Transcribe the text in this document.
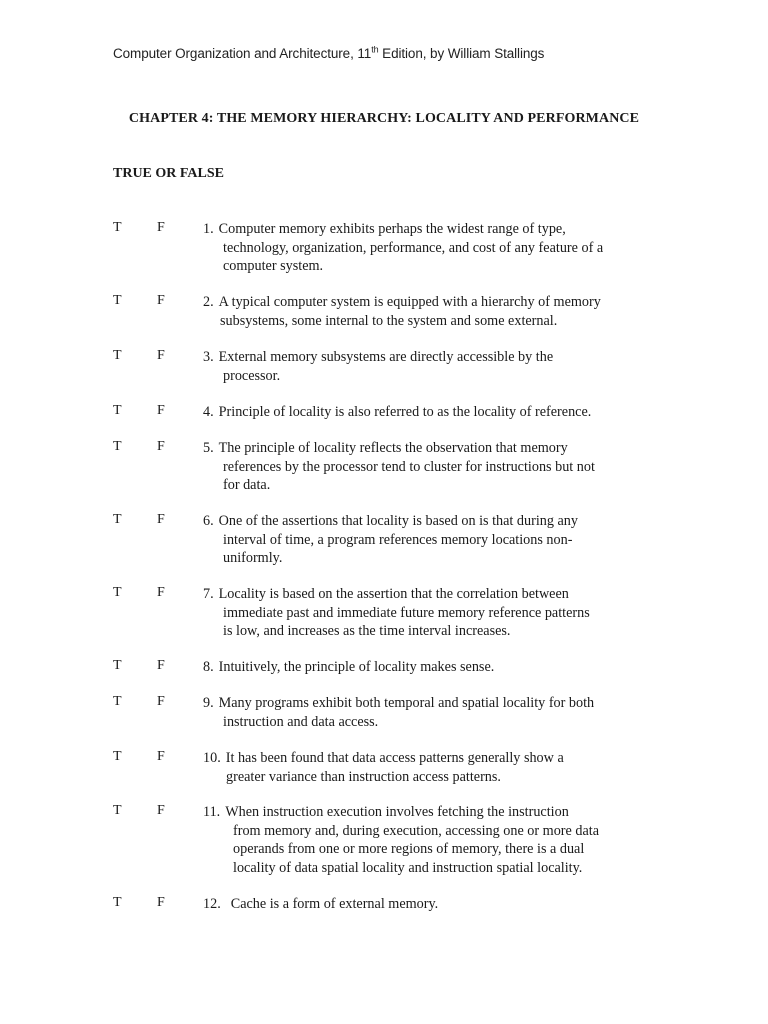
Computer Organization and Architecture, 11th Edition, by William Stallings
CHAPTER 4: THE MEMORY HIERARCHY: LOCALITY AND PERFORMANCE
TRUE OR FALSE
T	F	1. Computer memory exhibits perhaps the widest range of type,
technology, organization, performance, and cost of any feature of a
computer system.
T	F	2. A typical computer system is equipped with a hierarchy of memory
subsystems, some internal to the system and some external.
T	F	3. External memory subsystems are directly accessible by the
processor.
T	F	4. Principle of locality is also referred to as the locality of reference.
T	F	5. The principle of locality reflects the observation that memory
references by the processor tend to cluster for instructions but not
for data.
T	F	6. One of the assertions that locality is based on is that during any
interval of time, a program references memory locations non-
uniformly.
T	F	7. Locality is based on the assertion that the correlation between
immediate past and immediate future memory reference patterns
is low, and increases as the time interval increases.
T	F	8. Intuitively, the principle of locality makes sense.
T	F	9. Many programs exhibit both temporal and spatial locality for both
instruction and data access.
T	F	10. It has been found that data access patterns generally show a
greater variance than instruction access patterns.
T	F	11. When instruction execution involves fetching the instruction
from memory and, during execution, accessing one or more data
operands from one or more regions of memory, there is a dual
locality of data spatial locality and instruction spatial locality.
T	F	12. Cache is a form of external memory.
